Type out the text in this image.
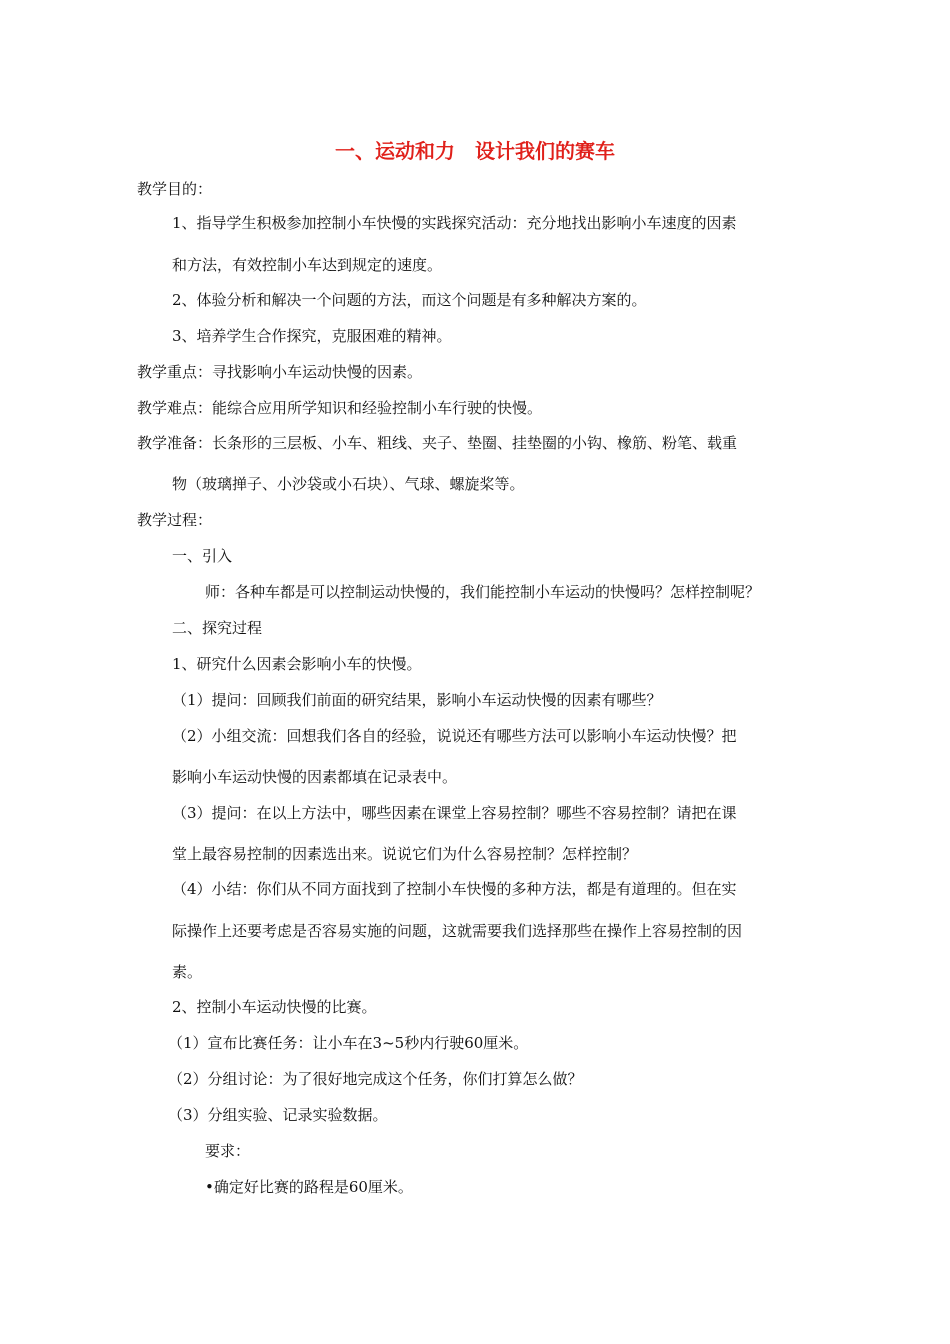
一、运动和力　设计我们的赛车
教学目的：
1、指导学生积极参加控制小车快慢的实践探究活动：充分地找出影响小车速度的因素
和方法，有效控制小车达到规定的速度。
2、体验分析和解决一个问题的方法，而这个问题是有多种解决方案的。
3、培养学生合作探究，克服困难的精神。
教学重点：寻找影响小车运动快慢的因素。
教学难点：能综合应用所学知识和经验控制小车行驶的快慢。
教学准备：长条形的三层板、小车、粗线、夹子、垫圈、挂垫圈的小钩、橡筋、粉笔、载重
物（玻璃掸子、小沙袋或小石块）、气球、螺旋桨等。
教学过程：
一、引入
师：各种车都是可以控制运动快慢的，我们能控制小车运动的快慢吗？怎样控制呢？
二、探究过程
1、研究什么因素会影响小车的快慢。
（1）提问：回顾我们前面的研究结果，影响小车运动快慢的因素有哪些？
（2）小组交流：回想我们各自的经验，说说还有哪些方法可以影响小车运动快慢？把
影响小车运动快慢的因素都填在记录表中。
（3）提问：在以上方法中，哪些因素在课堂上容易控制？哪些不容易控制？请把在课
堂上最容易控制的因素选出来。说说它们为什么容易控制？怎样控制？
（4）小结：你们从不同方面找到了控制小车快慢的多种方法，都是有道理的。但在实
际操作上还要考虑是否容易实施的问题，这就需要我们选择那些在操作上容易控制的因
素。
2、控制小车运动快慢的比赛。
（1）宣布比赛任务：让小车在3~5秒内行驶60厘米。
（2）分组讨论：为了很好地完成这个任务，你们打算怎么做？
（3）分组实验、记录实验数据。
要求：
•确定好比赛的路程是60厘米。
